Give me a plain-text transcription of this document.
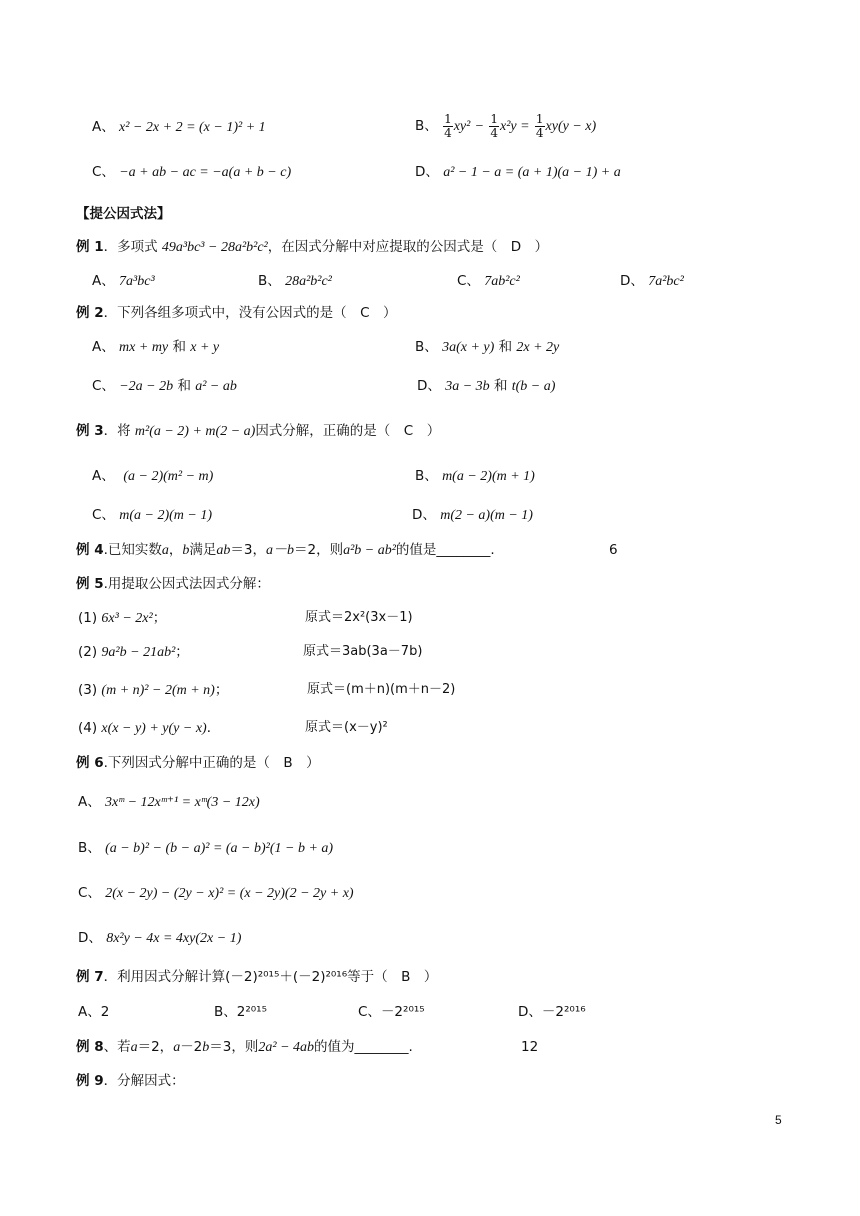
A、 x² − 2x + 2 = (x − 1)² + 1	B、 $\frac{1}{4} xy^2 - \frac{1}{4} x^2y = \frac{1}{4} xy(y - x)$
C、 −a + ab − ac = −a(a + b − c)	D、 a² − 1 − a = (a + 1)(a − 1) + a
【提公因式法】
例 1．多项式 49a³bc³ − 28a²b²c²，在因式分解中对应提取的公因式是（　D　）
A、 7a³bc³	B、 28a²b²c²	C、 7ab²c²	D、 7a²bc²
例 2．下列各组多项式中，没有公因式的是（　C　）
A、 mx + my 和 x + y	B、 3a(x + y) 和 2x + 2y
C、 −2a − 2b 和 a² − ab	D、 3a − 3b 和 t(b − a)
例 3．将 m²(a − 2) + m(2 − a)因式分解，正确的是（　C　）
A、 (a − 2)(m² − m)	B、 m(a − 2)(m + 1)
C、 m(a − 2)(m − 1)	D、 m(2 − a)(m − 1)
例 4.已知实数a，b满足ab＝3，a－b＝2，则a²b − ab²的值是________.	6
例 5.用提取公因式法因式分解：
(1) 6x³ − 2x²；	原式＝2x²(3x－1)
(2) 9a²b − 21ab²；	原式＝3ab(3a－7b)
(3) (m + n)² − 2(m + n)；	原式＝(m＋n)(m＋n－2)
(4) x(x − y) + y(y − x)．	原式＝(x－y)²
例 6.下列因式分解中正确的是（　B　）
A、 3xᵐ − 12xᵐ⁺¹ = xᵐ(3 − 12x)
B、 (a − b)² − (b − a)² = (a − b)²(1 − b + a)
C、 2(x − 2y) − (2y − x)² = (x − 2y)(2 − 2y + x)
D、 8x²y − 4x = 4xy(2x − 1)
例 7．利用因式分解计算(－2)²⁰¹⁵＋(－2)²⁰¹⁶等于（　B　）
A、2	B、2²⁰¹⁵	C、－2²⁰¹⁵	D、－2²⁰¹⁶
例 8、若a＝2，a－2b＝3，则2a² − 4ab的值为________.	12
例 9．分解因式：
5
